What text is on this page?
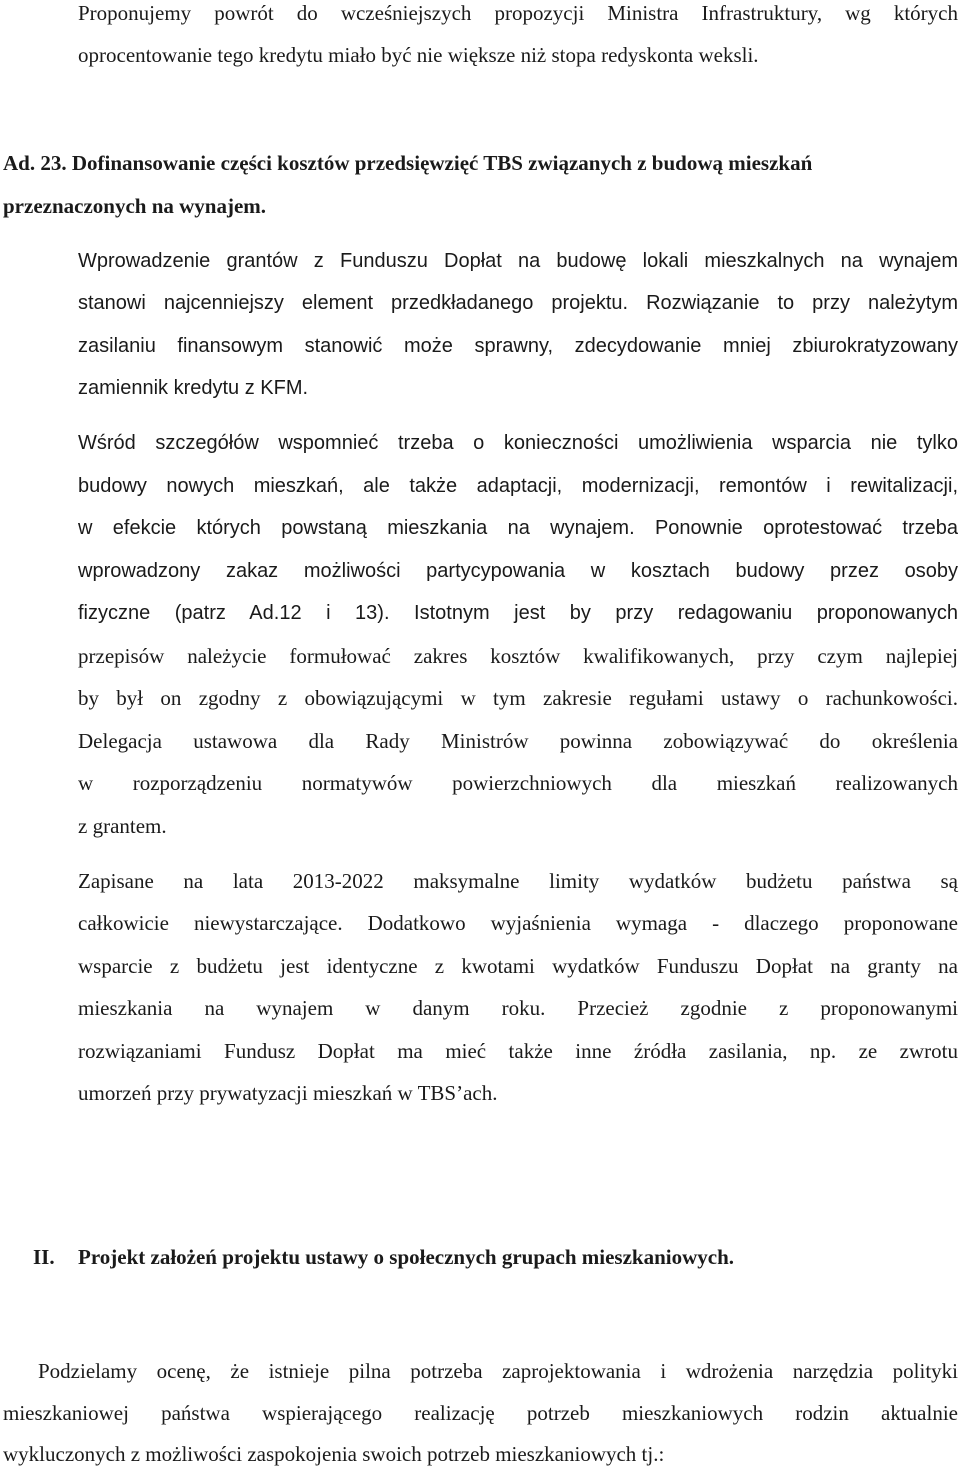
Proponujemy powrót do wcześniejszych propozycji Ministra Infrastruktury, wg których
oprocentowanie tego kredytu miało być nie większe niż stopa redyskonta weksli.
Ad. 23. Dofinansowanie części kosztów przedsięwzięć TBS związanych z budową mieszkań
przeznaczonych na wynajem.
Wprowadzenie grantów z Funduszu Dopłat na budowę lokali mieszkalnych na wynajem
stanowi najcenniejszy element przedkładanego projektu. Rozwiązanie to przy należytym
zasilaniu finansowym stanowić może sprawny, zdecydowanie mniej zbiurokratyzowany
zamiennik kredytu z KFM.
Wśród szczegółów wspomnieć trzeba o konieczności umożliwienia wsparcia nie tylko
budowy nowych mieszkań, ale także adaptacji, modernizacji, remontów i rewitalizacji,
w efekcie których powstaną mieszkania na wynajem. Ponownie oprotestować trzeba
wprowadzony zakaz możliwości partycypowania w kosztach budowy przez osoby
fizyczne (patrz Ad.12 i 13). Istotnym jest by przy redagowaniu proponowanych
przepisów należycie formułować zakres kosztów kwalifikowanych, przy czym najlepiej
by był on zgodny z obowiązującymi w tym zakresie regułami ustawy o rachunkowości.
Delegacja ustawowa dla Rady Ministrów powinna zobowiązywać do określenia
w rozporządzeniu normatywów powierzchniowych dla mieszkań realizowanych
z grantem.
Zapisane na lata 2013-2022 maksymalne limity wydatków budżetu państwa są
całkowicie niewystarczające. Dodatkowo wyjaśnienia wymaga - dlaczego proponowane
wsparcie z budżetu jest identyczne z kwotami wydatków Funduszu Dopłat na granty na
mieszkania na wynajem w danym roku. Przecież zgodnie z proponowanymi
rozwiązaniami Fundusz Dopłat ma mieć także inne źródła zasilania, np. ze zwrotu
umorzeń przy prywatyzacji mieszkań w TBS’ach.
II. Projekt założeń projektu ustawy o społecznych grupach mieszkaniowych.
Podzielamy ocenę, że istnieje pilna potrzeba zaprojektowania i wdrożenia narzędzia polityki
mieszkaniowej państwa wspierającego realizację potrzeb mieszkaniowych rodzin aktualnie
wykluczonych z możliwości zaspokojenia swoich potrzeb mieszkaniowych tj.:
